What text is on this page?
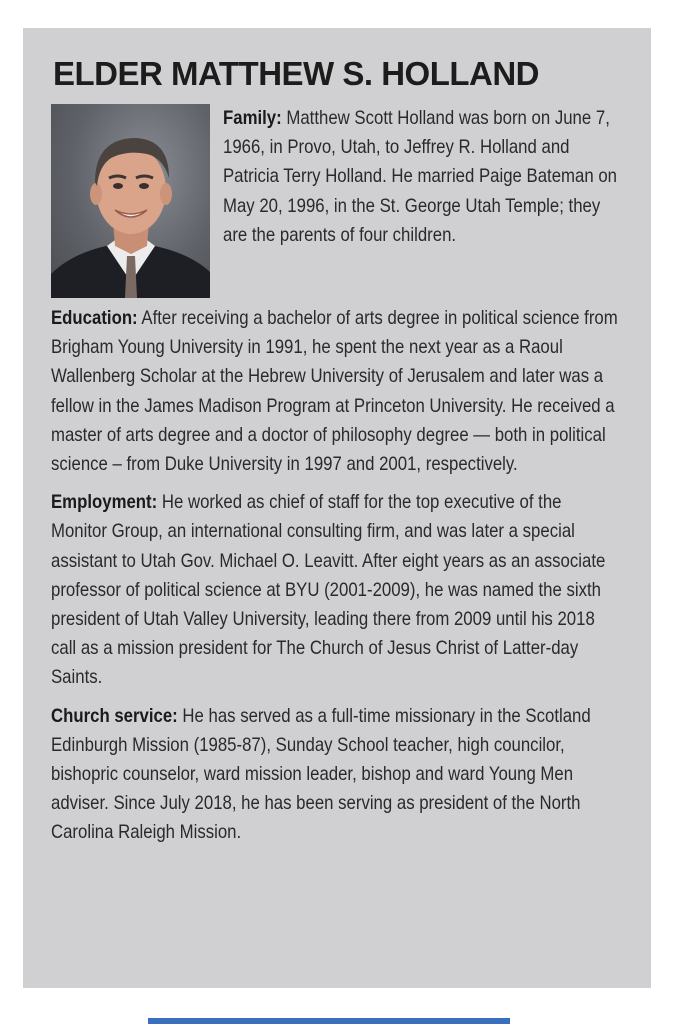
ELDER MATTHEW S. HOLLAND
Family: Matthew Scott Holland was born on June 7, 1966, in Provo, Utah, to Jeffrey R. Holland and Patricia Terry Holland. He married Paige Bateman on May 20, 1996, in the St. George Utah Temple; they are the parents of four children.
Education: After receiving a bachelor of arts degree in political science from Brigham Young University in 1991, he spent the next year as a Raoul Wallenberg Scholar at the Hebrew University of Jerusalem and later was a fellow in the James Madison Program at Princeton University. He received a master of arts degree and a doctor of philosophy degree — both in political science – from Duke University in 1997 and 2001, respectively.
Employment: He worked as chief of staff for the top executive of the Monitor Group, an international consulting firm, and was later a special assistant to Utah Gov. Michael O. Leavitt. After eight years as an associate professor of political science at BYU (2001-2009), he was named the sixth president of Utah Valley University, leading there from 2009 until his 2018 call as a mission president for The Church of Jesus Christ of Latter-day Saints.
Church service: He has served as a full-time missionary in the Scotland Edinburgh Mission (1985-87), Sunday School teacher, high councilor, bishopric counselor, ward mission leader, bishop and ward Young Men adviser. Since July 2018, he has been serving as president of the North Carolina Raleigh Mission.
